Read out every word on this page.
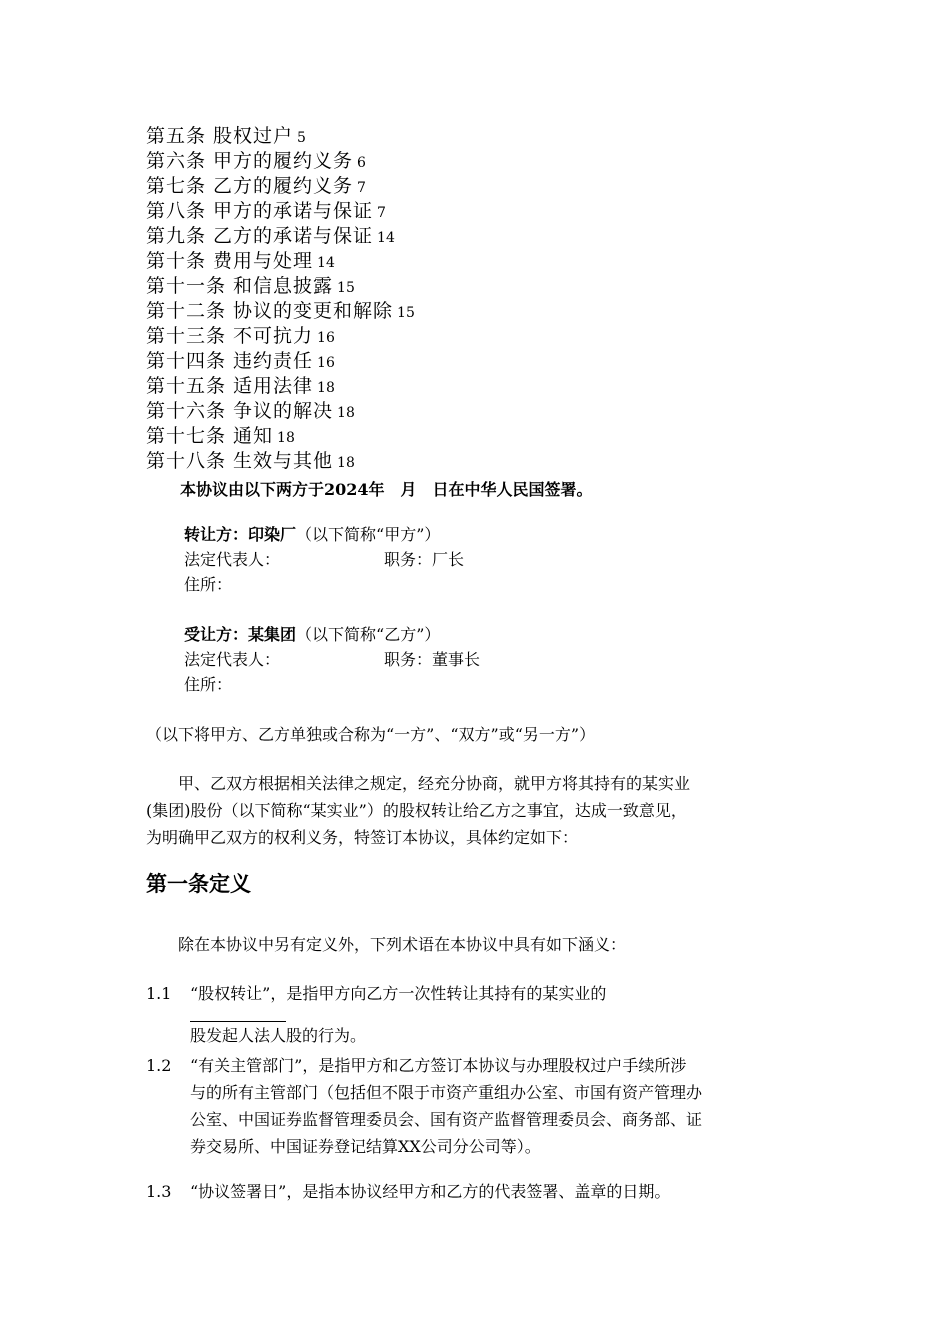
第五条 股权过户 5
第六条 甲方的履约义务 6
第七条 乙方的履约义务 7
第八条 甲方的承诺与保证 7
第九条 乙方的承诺与保证 14
第十条 费用与处理 14
第十一条 和信息披露 15
第十二条 协议的变更和解除 15
第十三条 不可抗力 16
第十四条 违约责任 16
第十五条 适用法律 18
第十六条 争议的解决 18
第十七条 通知 18
第十八条 生效与其他 18
本协议由以下两方于2024年　月　日在中华人民国签署。
转让方：印染厂（以下简称“甲方”）
法定代表人：	职务：厂长
住所：
受让方：某集团（以下简称“乙方”）
法定代表人：	职务：董事长
住所：
（以下将甲方、乙方单独或合称为“一方”、“双方”或“另一方”）
　　甲、乙双方根据相关法律之规定，经充分协商，就甲方将其持有的某实业
(集团)股份（以下简称“某实业”）的股权转让给乙方之事宜，达成一致意见，
为明确甲乙双方的权利义务，特签订本协议，具体约定如下：
第一条定义
除在本协议中另有定义外，下列术语在本协议中具有如下涵义：
1.1 “股权转让”，是指甲方向乙方一次性转让其持有的某实业的
股发起人法人股的行为。
1.2 “有关主管部门”，是指甲方和乙方签订本协议与办理股权过户手续所涉
与的所有主管部门（包括但不限于市资产重组办公室、市国有资产管理办
公室、中国证券监督管理委员会、国有资产监督管理委员会、商务部、证
券交易所、中国证券登记结算XX公司分公司等）。
1.3 “协议签署日”，是指本协议经甲方和乙方的代表签署、盖章的日期。
